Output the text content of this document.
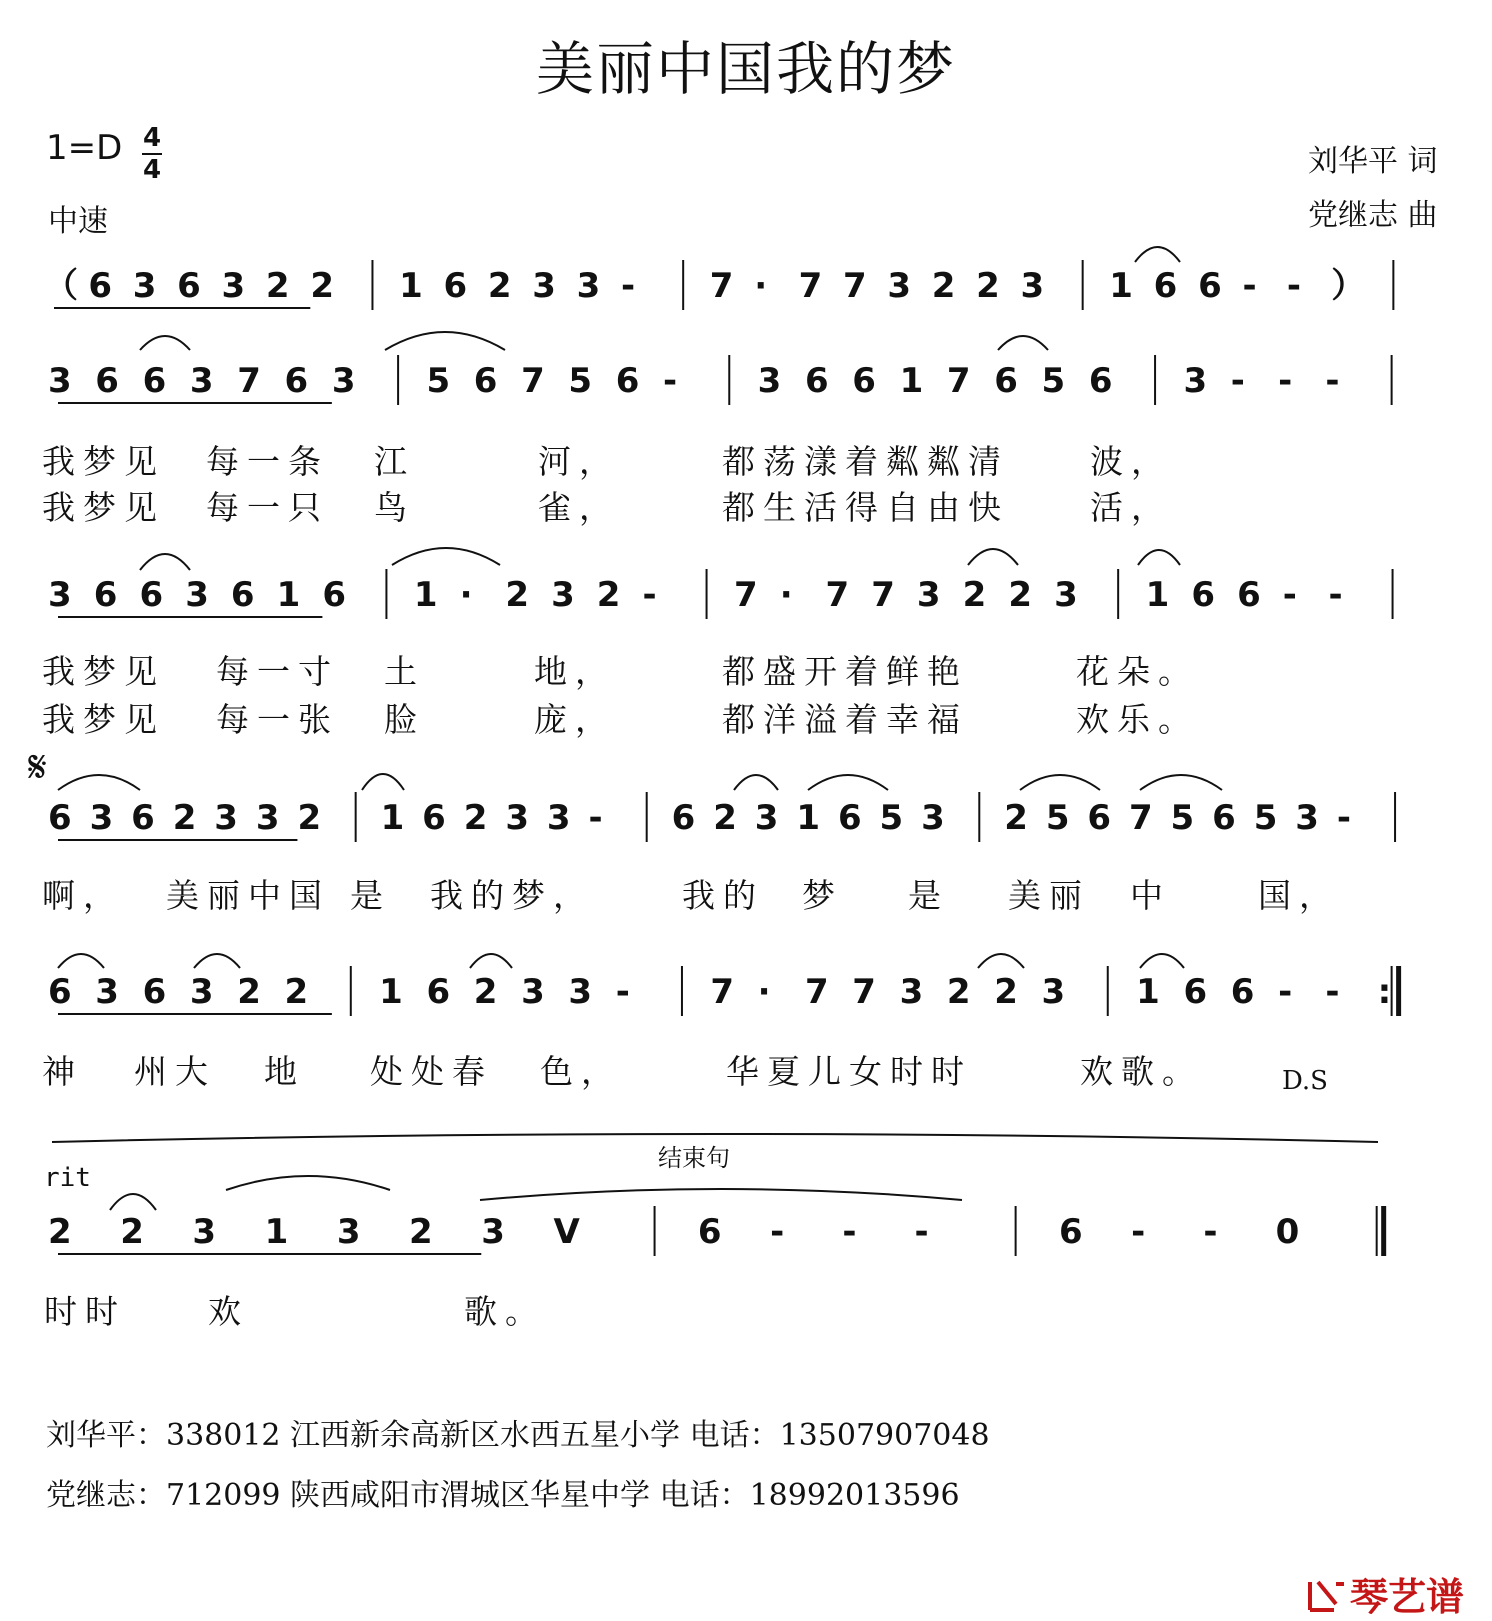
美丽中国我的梦
1=D 4
4
中速
刘华平 词
党继志 曲
（ 6 3 6 3 2 2 1 6 2 3 3 - 7 · 7 7 3 2 2 3 1 6 6 - - ）
3 6 6 3 7 6 3 5 6 7 5 6 - 3 6 6 1 7 6 5 6 3 - - -
3 6 6 3 6 1 6 1 · 2 3 2 - 7 · 7 7 3 2 2 3 1 6 6 - -
6 3 6 2 3 3 2 1 6 2 3 3 - 6 2 3 1 6 5 3 2 5 6 7 5 6 5 3 -
6 3 6 3 2 2 1 6 2 3 3 - 7 · 7 7 3 2 2 3 1 6 6 - - :
2 2 3 1 3 2 3 V	6 - - -	6 - - 0
我梦见 每一条 江	河，	都荡漾着粼粼清 波，
我梦见 每一只 鸟	雀，	都生活得自由快 活，
我梦见 每一寸 土	地，	都盛开着鲜艳	花朵。
我梦见 每一张 脸	庞，	都洋溢着幸福	欢乐。
啊， 美丽中国 是 我的梦，	我的 梦 是 美丽 中	国，
神 州大 地 处处春 色，	华夏儿女时时	欢歌。
时时 欢	歌。
𝄋
D.S
rit
结束句
刘华平：338012 江西新余高新区水西五星小学 电话：13507907048
党继志：712099 陕西咸阳市渭城区华星中学 电话：18992013596
琴艺谱
